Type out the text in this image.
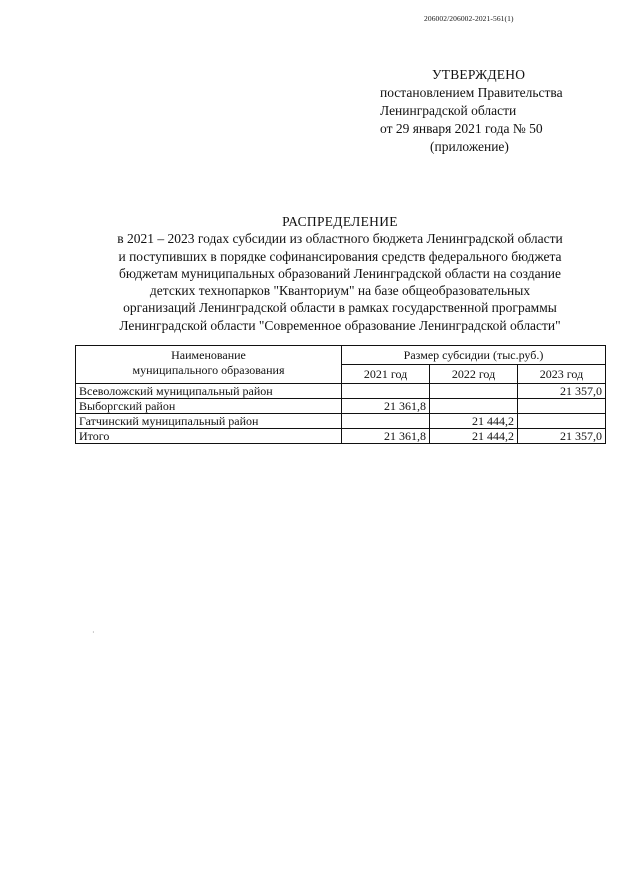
206002/206002-2021-561(1)
УТВЕРЖДЕНО
постановлением Правительства
Ленинградской области
от 29 января 2021 года № 50
(приложение)
РАСПРЕДЕЛЕНИЕ
в 2021 – 2023 годах субсидии из областного бюджета Ленинградской области
и поступивших в порядке софинансирования средств федерального бюджета
бюджетам муниципальных образований Ленинградской области на создание
детских технопарков "Кванториум" на базе общеобразовательных
организаций Ленинградской области в рамках государственной программы
Ленинградской области "Современное образование Ленинградской области"
Наименование
муниципального образования	Размер субсидии (тыс.руб.)		
	2021 год	2022 год	2023 год
Всеволожский муниципальный район			21 357,0
Выборгский район	21 361,8		
Гатчинский муниципальный район		21 444,2	
Итого	21 361,8	21 444,2	21 357,0
·
